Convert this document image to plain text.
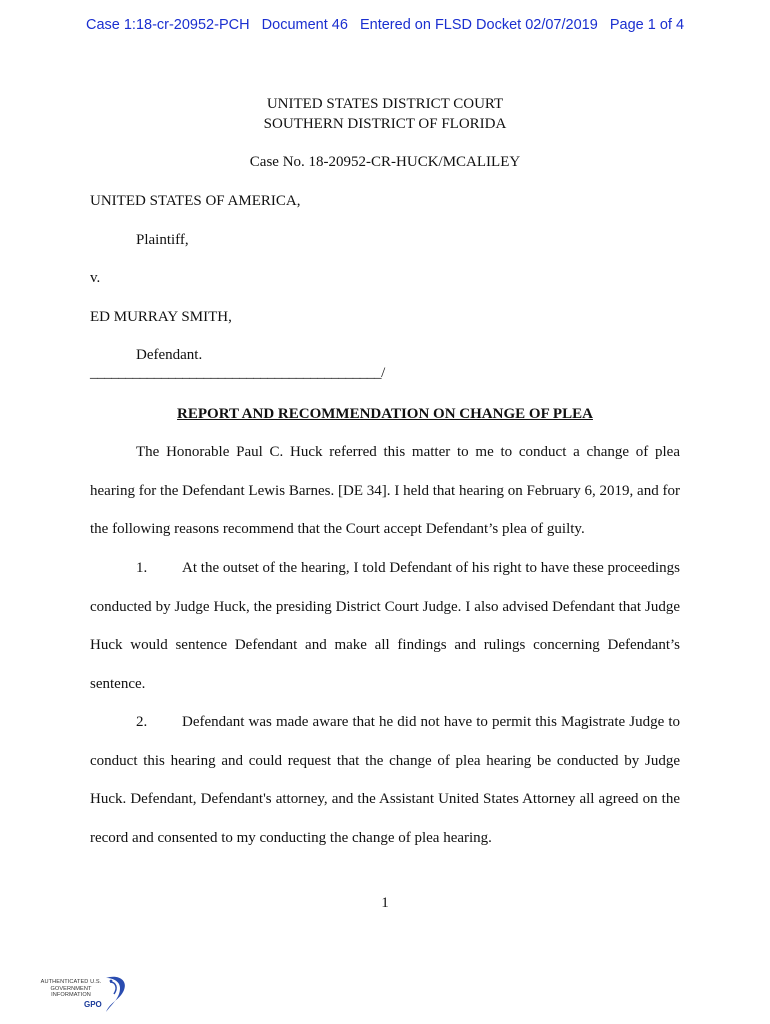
Case 1:18-cr-20952-PCH   Document 46   Entered on FLSD Docket 02/07/2019   Page 1 of 4
UNITED STATES DISTRICT COURT
SOUTHERN DISTRICT OF FLORIDA
Case No. 18-20952-CR-HUCK/MCALILEY
UNITED STATES OF AMERICA,
Plaintiff,
v.
ED MURRAY SMITH,
Defendant.
_________________________________________/
REPORT AND RECOMMENDATION ON CHANGE OF PLEA
The Honorable Paul C. Huck referred this matter to me to conduct a change of plea hearing for the Defendant Lewis Barnes. [DE 34]. I held that hearing on February 6, 2019, and for the following reasons recommend that the Court accept Defendant’s plea of guilty.
1. At the outset of the hearing, I told Defendant of his right to have these proceedings conducted by Judge Huck, the presiding District Court Judge. I also advised Defendant that Judge Huck would sentence Defendant and make all findings and rulings concerning Defendant’s sentence.
2. Defendant was made aware that he did not have to permit this Magistrate Judge to conduct this hearing and could request that the change of plea hearing be conducted by Judge Huck. Defendant, Defendant's attorney, and the Assistant United States Attorney all agreed on the record and consented to my conducting the change of plea hearing.
1
AUTHENTICATED U.S. GOVERNMENT INFORMATION
GPO
